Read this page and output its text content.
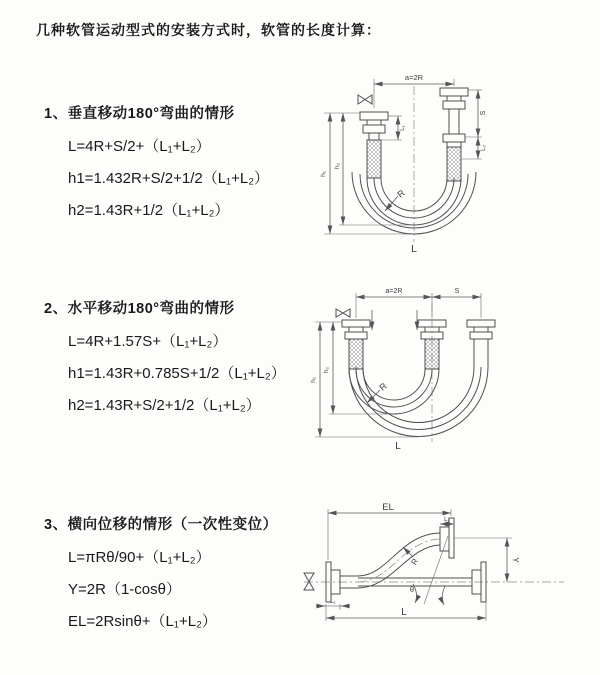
几种软管运动型式的安装方式时，软管的长度计算：
1、垂直移动180°弯曲的情形
L=4R+S/2+（L₁+L₂）
h1=1.432R+S/2+1/2（L₁+L₂）
h2=1.43R+1/2（L₁+L₂）
a=2R
h₁
h₂
L₁
S
L₂
R
L
2、水平移动180°弯曲的情形
L=4R+1.57S+（L₁+L₂）
h1=1.43R+0.785S+1/2（L₁+L₂）
h2=1.43R+S/2+1/2（L₁+L₂）
a=2R	S
h₁
h₂
R
L
3、横向位移的情形（一次性变位）
L=πRθ/90+（L₁+L₂）
Y=2R（1-cosθ）
EL=2Rsinθ+（L₁+L₂）
EL
L₂
Y
θ
R
L₁
L
